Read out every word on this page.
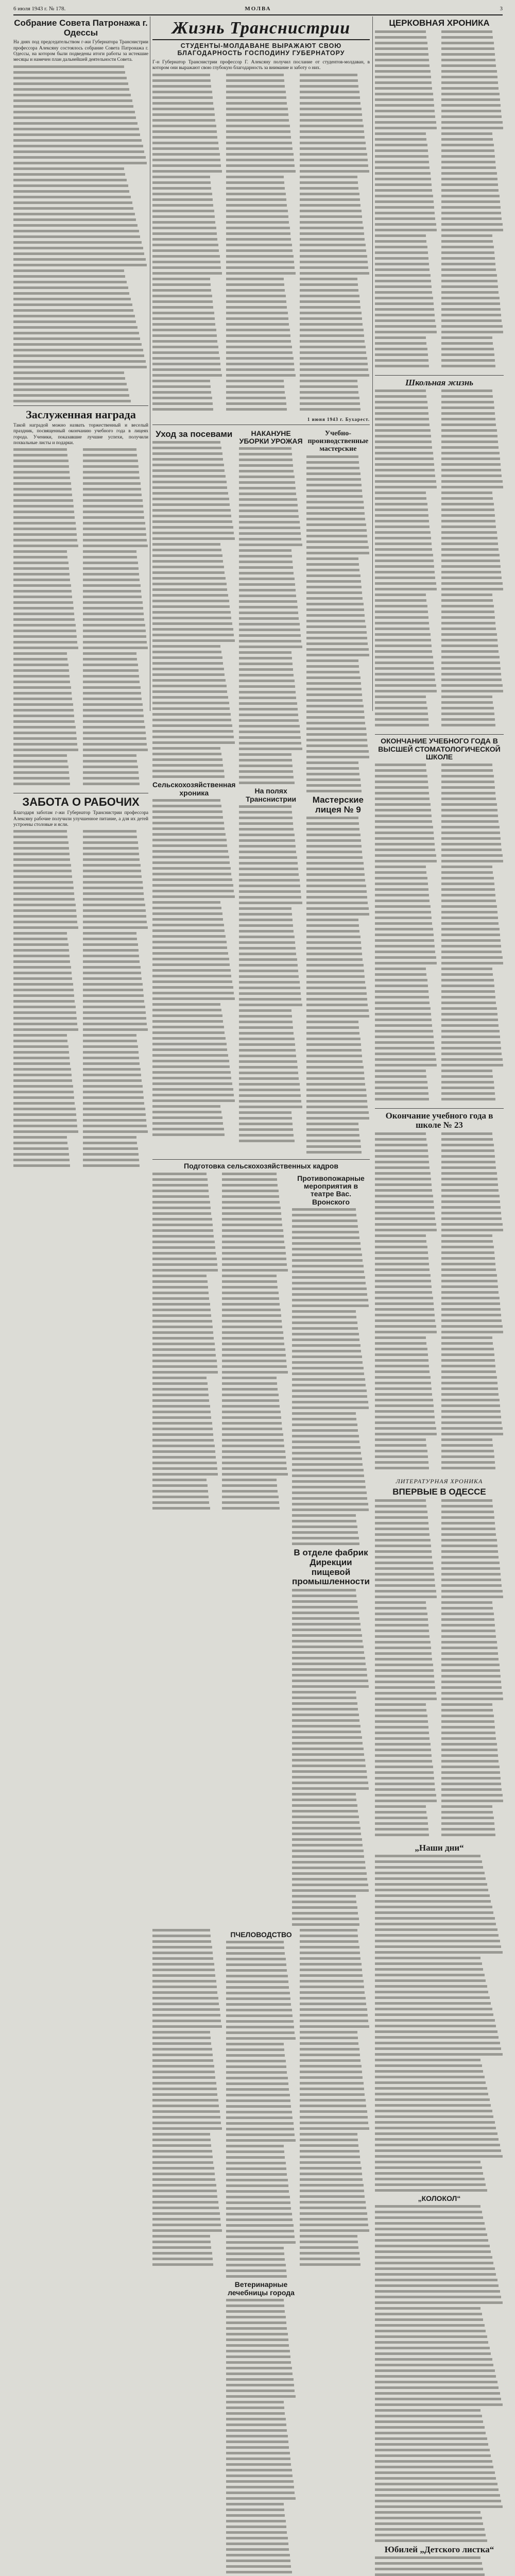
6 июля 1943 г. № 178.	МОЛВА	3
Собрание Совета Патронажа г. Одессы

На днях под председательством г-жи Губернатора Транснистрии профессора Алексяну состоялось собрание Совета Патронажа г. Одессы, на котором были подведены итоги работы за истекшие месяцы и намечен план дальнейшей деятельности Совета.

Заслуженная награда

Такой наградой можно назвать торжественный и веселый праздник, посвященный окончанию учебного года в лицеях города. Ученики, показавшие лучшие успехи, получили похвальные листы и подарки.

ЗАБОТА О РАБОЧИХ

Благодаря заботам г-жи Губернатор Транснистрии профессора Алексяну рабочие получили улучшенное питание, а для их детей устроены столовые и ясли.

Жизнь Транснистрии
СТУДЕНТЫ-МОЛДАВАНЕ ВЫРАЖАЮТ СВОЮ БЛАГОДАРНОСТЬ ГОСПОДИНУ ГУБЕРНАТОРУ

Г-н Губернатор Транснистрии профессор Г. Алексяну получил послание от студентов-молдаван, в котором они выражают свою глубокую благодарность за внимание и заботу о них.

1 июня 1943 г. Бухарест.
Уход за посевами
Сельскохозяйственная хроника
НАКАНУНЕ УБОРКИ УРОЖАЯ
На полях Транснистрии
Учебно-производственные мастерские
Мастерские лицея № 9
Подготовка сельскохозяйственных кадров
Противопожарные мероприятия в театре Вас. Вронского
В отделе фабрик Дирекции пищевой промышленности
ПЧЕЛОВОДСТВО
Ветеринарные лечебницы города
ЦЕРКОВНАЯ ХРОНИКА
Школьная жизнь
ОКОНЧАНИЕ УЧЕБНОГО ГОДА В ВЫСШЕЙ СТОМАТОЛОГИЧЕСКОЙ ШКОЛЕ
Окончание учебного года в школе № 23
ЛИТЕРАТУРНАЯ ХРОНИКА
ВПЕРВЫЕ В ОДЕССЕ
„Наши дни“
„КОЛОКОЛ“
Юбилей „Детского листка“
